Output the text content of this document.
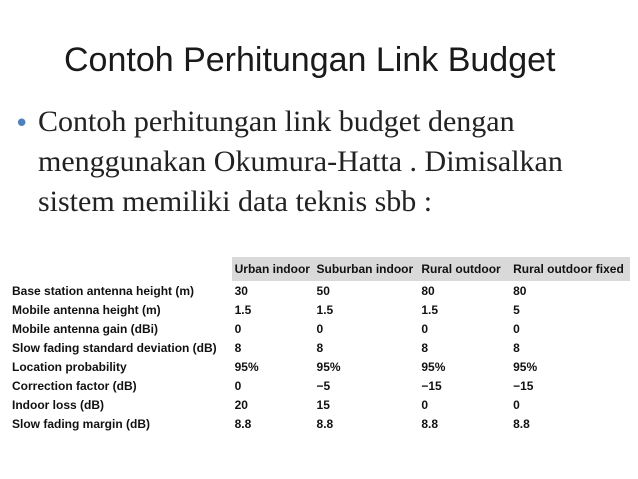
Contoh Perhitungan Link Budget
• Contoh perhitungan link budget dengan menggunakan Okumura-Hatta . Dimisalkan sistem memiliki data teknis sbb :
	Urban indoor	Suburban indoor	Rural outdoor	Rural outdoor fixed
Base station antenna height (m)	30	50	80	80
Mobile antenna height (m)	1.5	1.5	1.5	5
Mobile antenna gain (dBi)	0	0	0	0
Slow fading standard deviation (dB)	8	8	8	8
Location probability	95%	95%	95%	95%
Correction factor (dB)	0	−5	−15	−15
Indoor loss (dB)	20	15	0	0
Slow fading margin (dB)	8.8	8.8	8.8	8.8
